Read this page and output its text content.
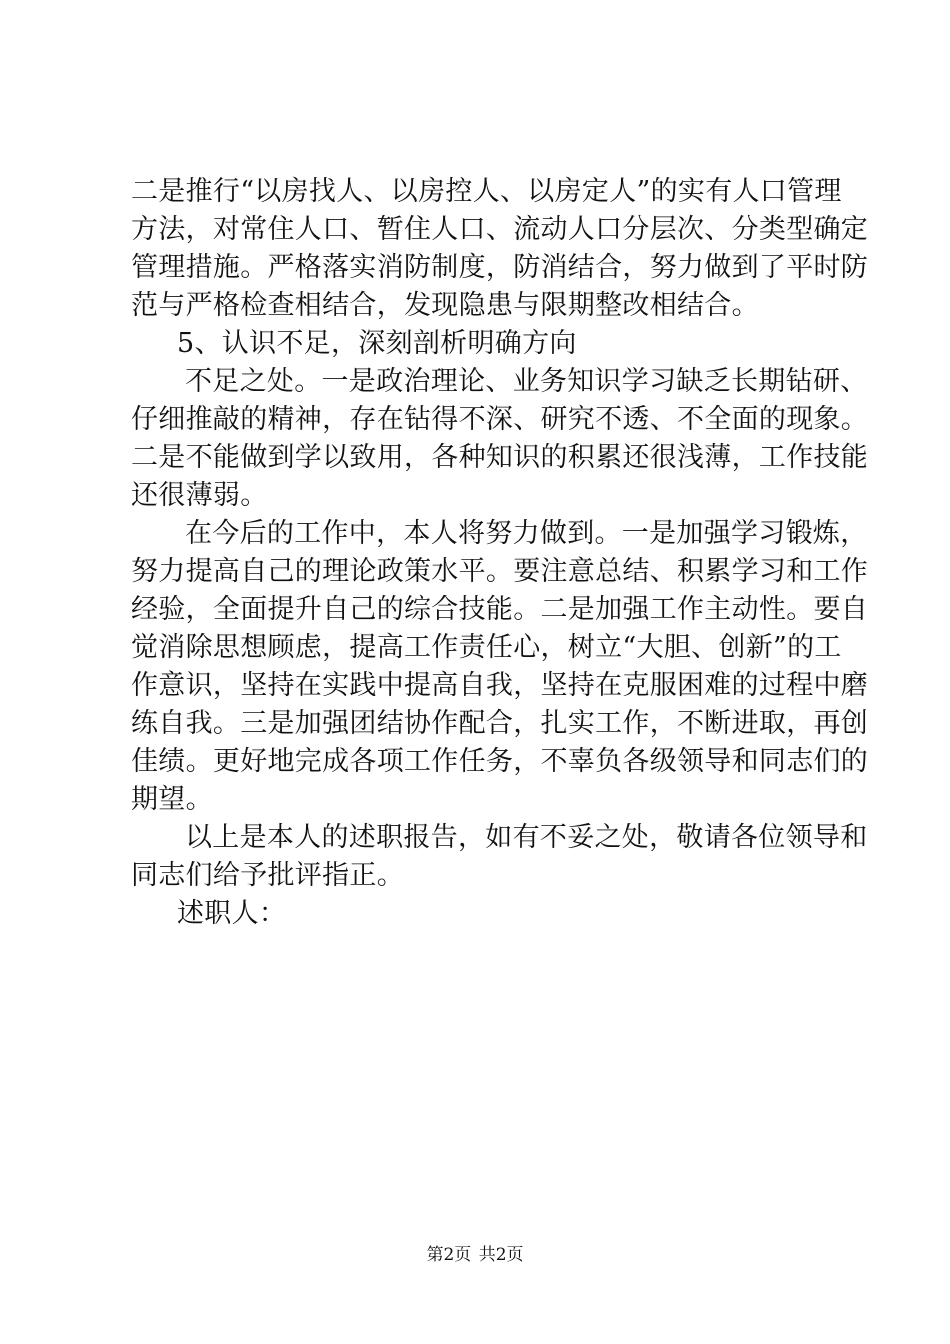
二是推行“以房找人、以房控人、以房定人”的实有人口管理
方法，对常住人口、暂住人口、流动人口分层次、分类型确定
管理措施。严格落实消防制度，防消结合，努力做到了平时防
范与严格检查相结合，发现隐患与限期整改相结合。
5、认识不足，深刻剖析明确方向
不足之处。一是政治理论、业务知识学习缺乏长期钻研、
仔细推敲的精神，存在钻得不深、研究不透、不全面的现象。
二是不能做到学以致用，各种知识的积累还很浅薄，工作技能
还很薄弱。
在今后的工作中，本人将努力做到。一是加强学习锻炼，
努力提高自己的理论政策水平。要注意总结、积累学习和工作
经验，全面提升自己的综合技能。二是加强工作主动性。要自
觉消除思想顾虑，提高工作责任心，树立“大胆、创新”的工
作意识，坚持在实践中提高自我，坚持在克服困难的过程中磨
练自我。三是加强团结协作配合，扎实工作，不断进取，再创
佳绩。更好地完成各项工作任务，不辜负各级领导和同志们的
期望。
以上是本人的述职报告，如有不妥之处，敬请各位领导和
同志们给予批评指正。
述职人：
第2页 共2页
